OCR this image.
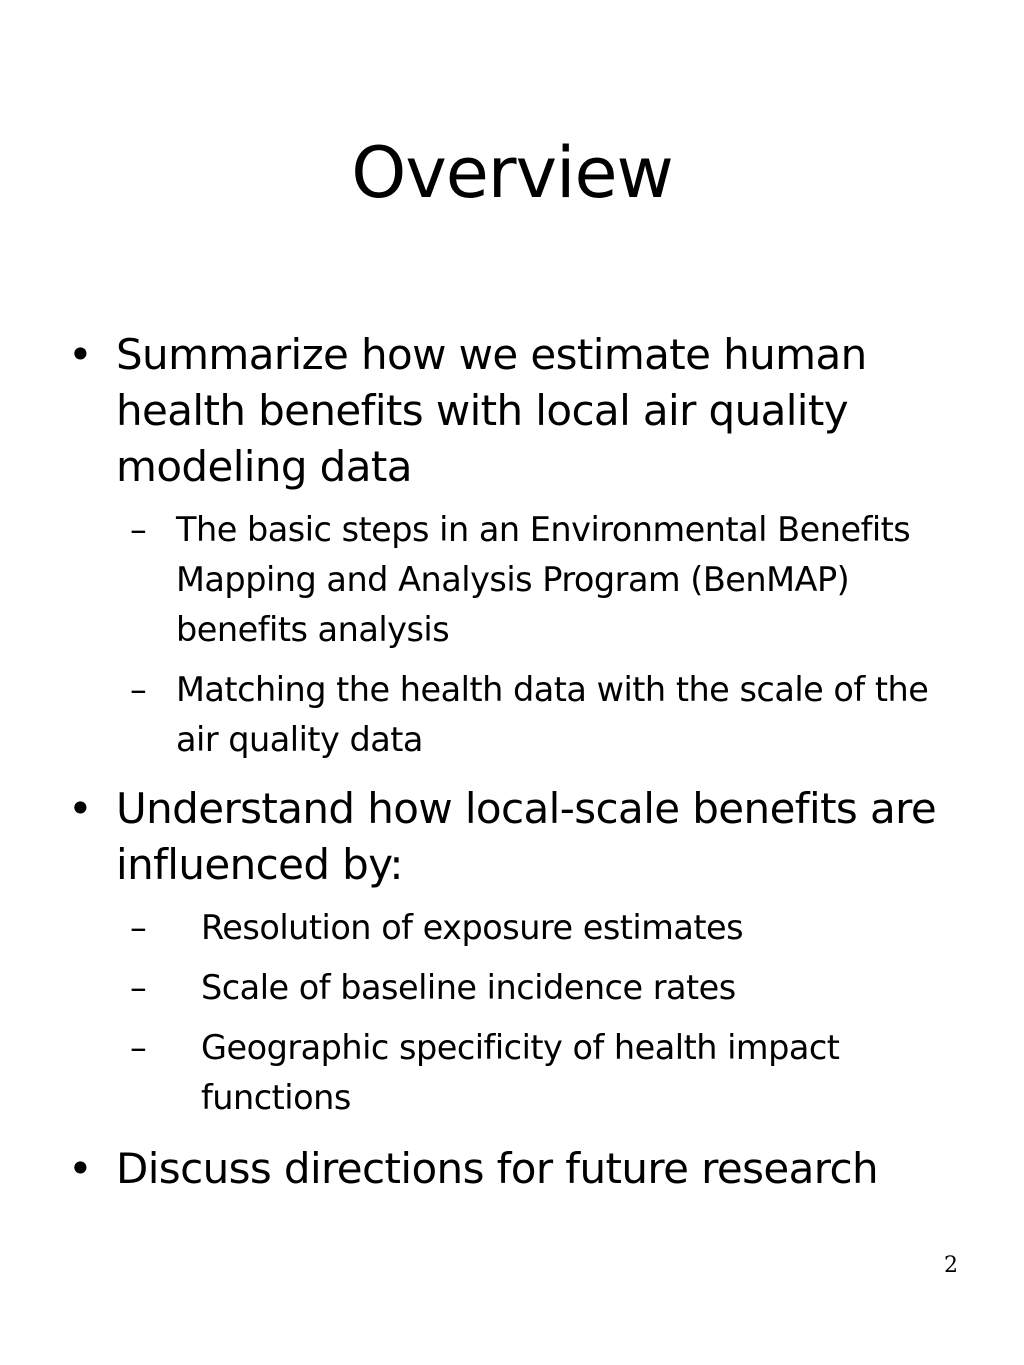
Overview
• Summarize how we estimate human health benefits with local air quality modeling data
– The basic steps in an Environmental Benefits Mapping and Analysis Program (BenMAP) benefits analysis
– Matching the health data with the scale of the air quality data
• Understand how local-scale benefits are influenced by:
–	Resolution of exposure estimates
–	Scale of baseline incidence rates
–	Geographic specificity of health impact functions
• Discuss directions for future research
2
